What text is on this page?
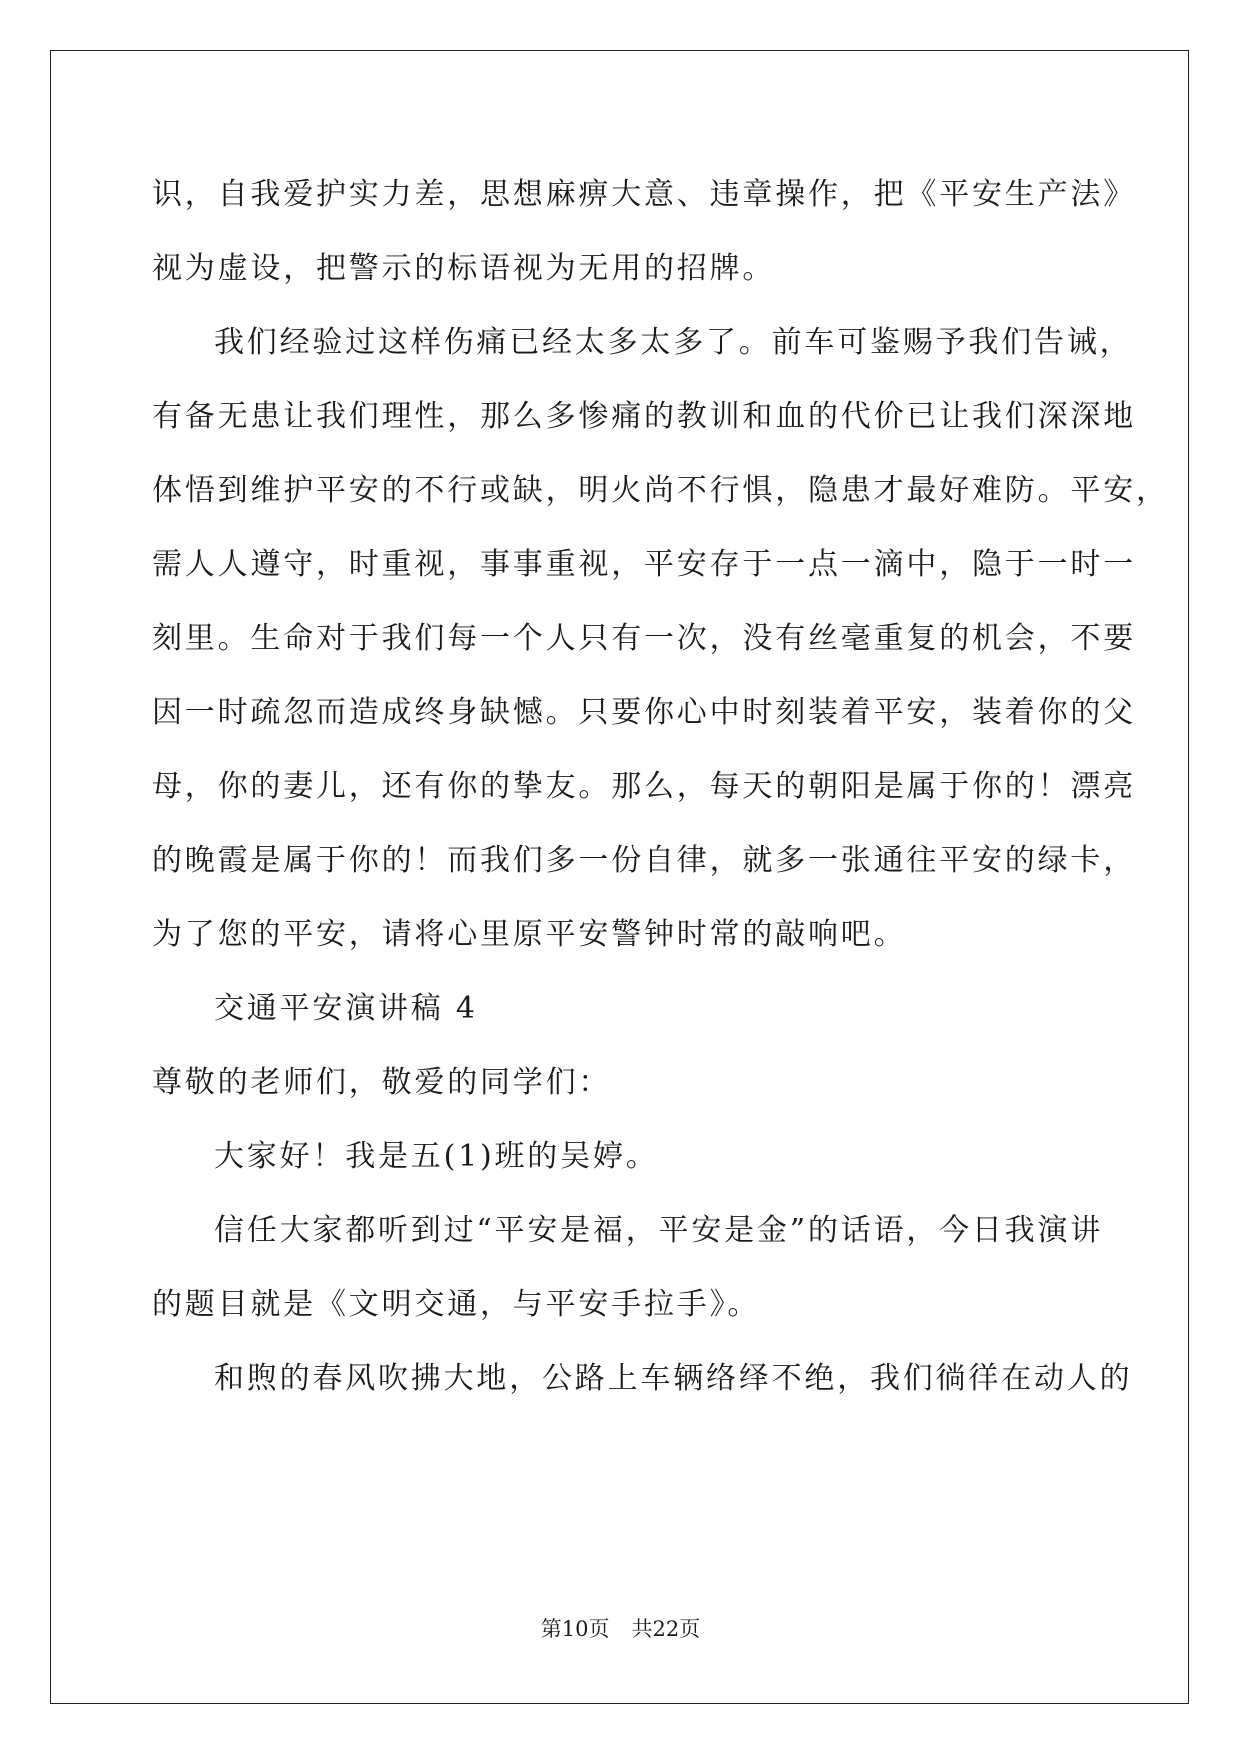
识，自我爱护实力差，思想麻痹大意、违章操作，把《平安生产法》
视为虚设，把警示的标语视为无用的招牌。
我们经验过这样伤痛已经太多太多了。前车可鉴赐予我们告诫，
有备无患让我们理性，那么多惨痛的教训和血的代价已让我们深深地
体悟到维护平安的不行或缺，明火尚不行惧，隐患才最好难防。平安，
需人人遵守，时重视，事事重视，平安存于一点一滴中，隐于一时一
刻里。生命对于我们每一个人只有一次，没有丝毫重复的机会，不要
因一时疏忽而造成终身缺憾。只要你心中时刻装着平安，装着你的父
母，你的妻儿，还有你的挚友。那么，每天的朝阳是属于你的！漂亮
的晚霞是属于你的！而我们多一份自律，就多一张通往平安的绿卡，
为了您的平安，请将心里原平安警钟时常的敲响吧。
交通平安演讲稿 4
尊敬的老师们，敬爱的同学们：
大家好！我是五(1)班的吴婷。
信任大家都听到过“平安是福，平安是金”的话语，今日我演讲
的题目就是《文明交通，与平安手拉手》。
和煦的春风吹拂大地，公路上车辆络绎不绝，我们徜徉在动人的
第10页 共22页
